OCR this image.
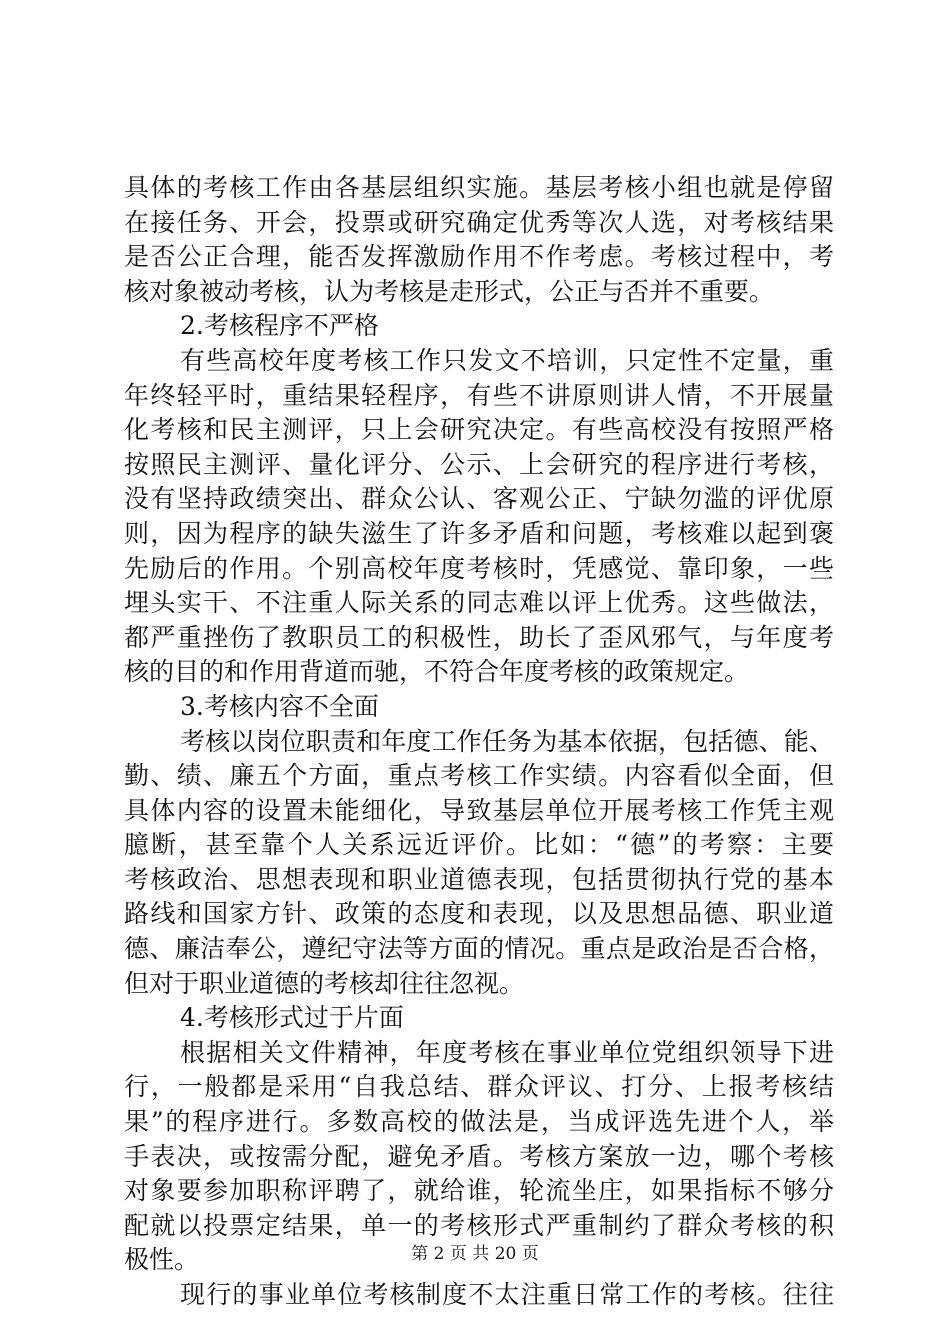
具体的考核工作由各基层组织实施。基层考核小组也就是停留
在接任务、开会，投票或研究确定优秀等次人选，对考核结果
是否公正合理，能否发挥激励作用不作考虑。考核过程中，考
核对象被动考核，认为考核是走形式，公正与否并不重要。
2.考核程序不严格
有些高校年度考核工作只发文不培训，只定性不定量，重
年终轻平时，重结果轻程序，有些不讲原则讲人情，不开展量
化考核和民主测评，只上会研究决定。有些高校没有按照严格
按照民主测评、量化评分、公示、上会研究的程序进行考核，
没有坚持政绩突出、群众公认、客观公正、宁缺勿滥的评优原
则，因为程序的缺失滋生了许多矛盾和问题，考核难以起到褒
先励后的作用。个别高校年度考核时，凭感觉、靠印象，一些
埋头实干、不注重人际关系的同志难以评上优秀。这些做法，
都严重挫伤了教职员工的积极性，助长了歪风邪气，与年度考
核的目的和作用背道而驰，不符合年度考核的政策规定。
3.考核内容不全面
考核以岗位职责和年度工作任务为基本依据，包括德、能、
勤、绩、廉五个方面，重点考核工作实绩。内容看似全面，但
具体内容的设置未能细化，导致基层单位开展考核工作凭主观
臆断，甚至靠个人关系远近评价。比如：“德”的考察：主要
考核政治、思想表现和职业道德表现，包括贯彻执行党的基本
路线和国家方针、政策的态度和表现，以及思想品德、职业道
德、廉洁奉公，遵纪守法等方面的情况。重点是政治是否合格，
但对于职业道德的考核却往往忽视。
4.考核形式过于片面
根据相关文件精神，年度考核在事业单位党组织领导下进
行，一般都是采用“自我总结、群众评议、打分、上报考核结
果”的程序进行。多数高校的做法是，当成评选先进个人，举
手表决，或按需分配，避免矛盾。考核方案放一边，哪个考核
对象要参加职称评聘了，就给谁，轮流坐庄，如果指标不够分
配就以投票定结果，单一的考核形式严重制约了群众考核的积
极性。
现行的事业单位考核制度不太注重日常工作的考核。往往
第 2 页 共 20 页
